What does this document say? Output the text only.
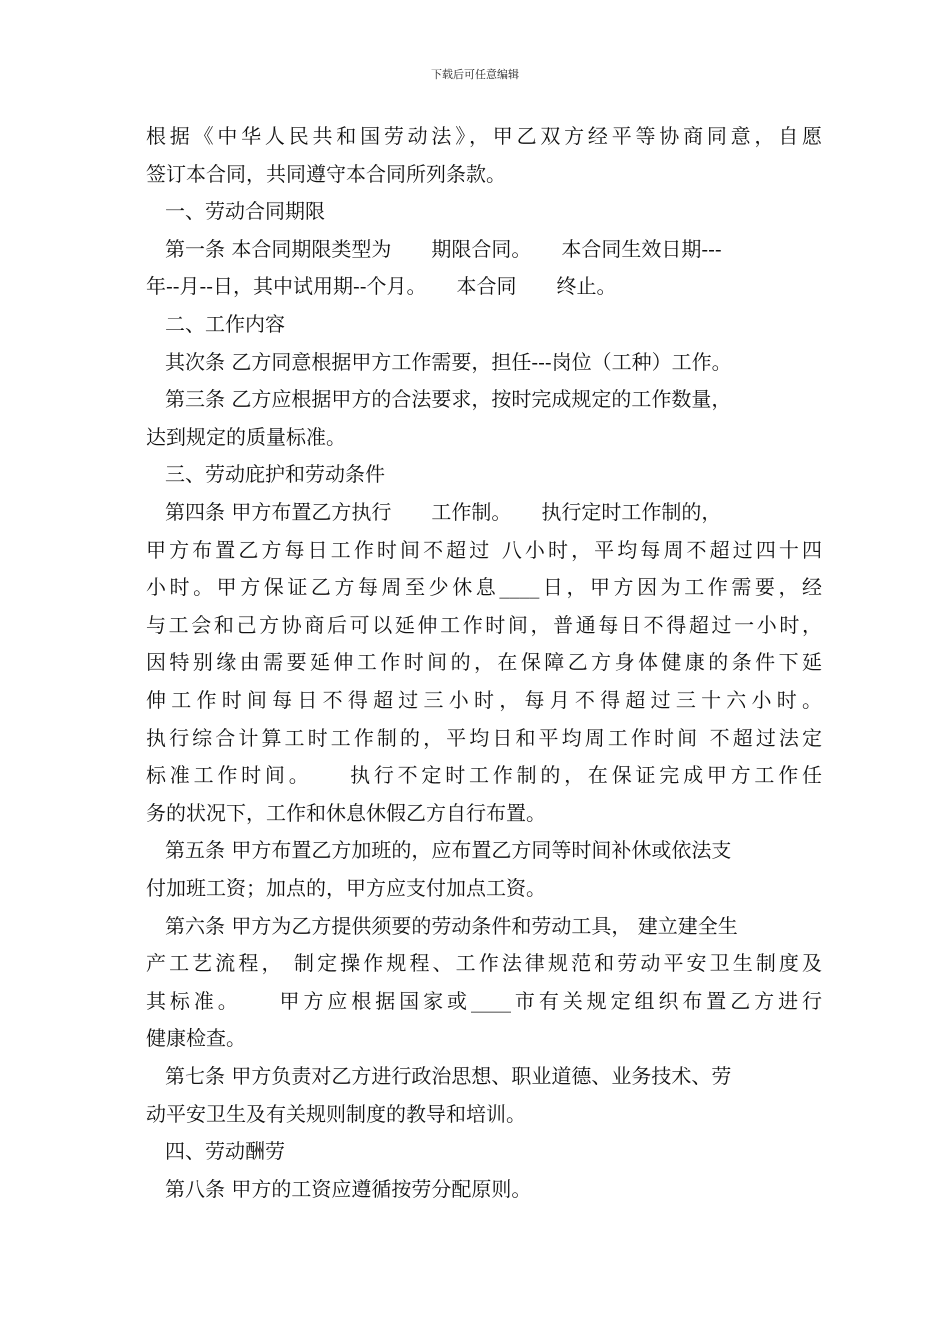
下载后可任意编辑
根据《中华人民共和国劳动法》，甲乙双方经平等协商同意，自愿
签订本合同，共同遵守本合同所列条款。
一、劳动合同期限
第一条 本合同期限类型为　　期限合同。　　本合同生效日期---
年--月--日，其中试用期--个月。　　本合同　　终止。
二、工作内容
其次条 乙方同意根据甲方工作需要，担任---岗位（工种）工作。
第三条 乙方应根据甲方的合法要求，按时完成规定的工作数量，
达到规定的质量标准。
三、劳动庇护和劳动条件
第四条 甲方布置乙方执行　　工作制。　　执行定时工作制的，
甲方布置乙方每日工作时间不超过 八小时，平均每周不超过四十四
小时。甲方保证乙方每周至少休息____日，甲方因为工作需要，经
与工会和己方协商后可以延伸工作时间，普通每日不得超过一小时，
因特别缘由需要延伸工作时间的，在保障乙方身体健康的条件下延
伸工作时间每日不得超过三小时，每月不得超过三十六小时。
执行综合计算工时工作制的，平均日和平均周工作时间 不超过法定
标准工作时间。　　执行不定时工作制的，在保证完成甲方工作任
务的状况下，工作和休息休假乙方自行布置。
第五条 甲方布置乙方加班的，应布置乙方同等时间补休或依法支
付加班工资；加点的，甲方应支付加点工资。
第六条 甲方为乙方提供须要的劳动条件和劳动工具， 建立建全生
产工艺流程， 制定操作规程、工作法律规范和劳动平安卫生制度及
其标准。　　甲方应根据国家或____市有关规定组织布置乙方进行
健康检查。
第七条 甲方负责对乙方进行政治思想、职业道德、业务技术、劳
动平安卫生及有关规则制度的教导和培训。
四、劳动酬劳
第八条 甲方的工资应遵循按劳分配原则。
